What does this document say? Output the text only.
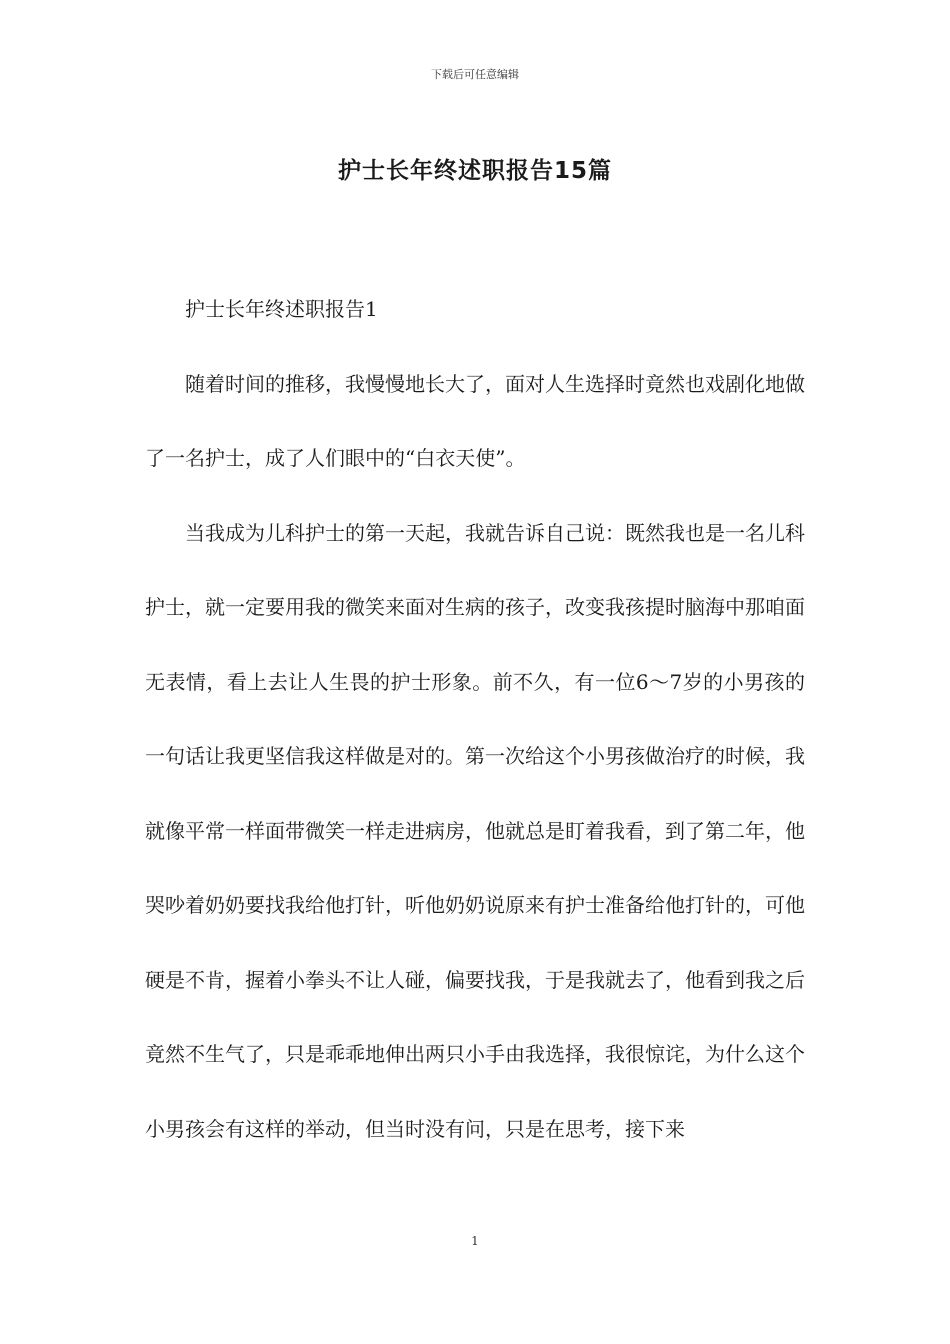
下载后可任意编辑
护士长年终述职报告15篇

护士长年终述职报告1

随着时间的推移，我慢慢地长大了，面对人生选择时竟然也戏剧化地做了一名护士，成了人们眼中的“白衣天使”。

当我成为儿科护士的第一天起，我就告诉自己说：既然我也是一名儿科护士，就一定要用我的微笑来面对生病的孩子，改变我孩提时脑海中那咱面无表情，看上去让人生畏的护士形象。前不久，有一位6～7岁的小男孩的一句话让我更坚信我这样做是对的。第一次给这个小男孩做治疗的时候，我就像平常一样面带微笑一样走进病房，他就总是盯着我看，到了第二年，他哭吵着奶奶要找我给他打针，听他奶奶说原来有护士准备给他打针的，可他硬是不肯，握着小拳头不让人碰，偏要找我，于是我就去了，他看到我之后竟然不生气了，只是乖乖地伸出两只小手由我选择，我很惊诧，为什么这个小男孩会有这样的举动，但当时没有问，只是在思考，接下来

1
